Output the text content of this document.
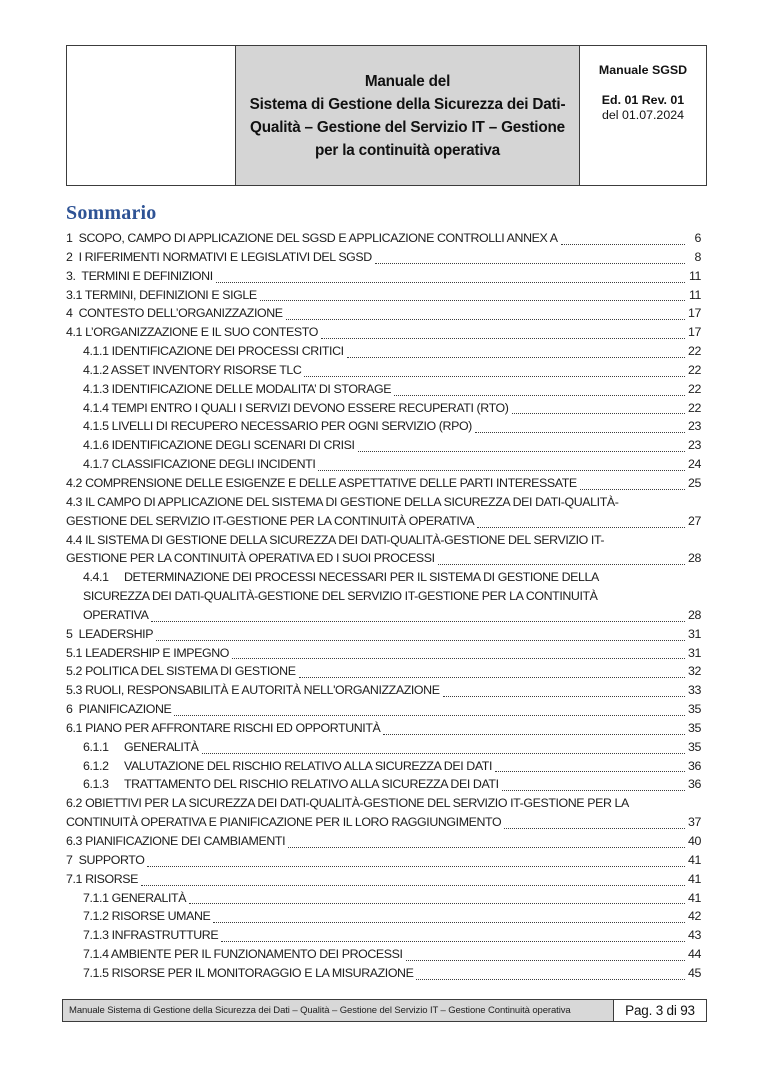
Manuale del
Sistema di Gestione della Sicurezza dei Dati-
Qualità – Gestione del Servizio IT – Gestione
per la continuità operativa
Manuale SGSD
Ed. 01 Rev. 01
del 01.07.2024
Sommario
1  SCOPO, CAMPO DI APPLICAZIONE DEL SGSD E APPLICAZIONE CONTROLLI ANNEX A	6
2  I RIFERIMENTI NORMATIVI E LEGISLATIVI DEL SGSD	8
3.  TERMINI E DEFINIZIONI	11
3.1 TERMINI, DEFINIZIONI E SIGLE	11
4  CONTESTO DELL’ORGANIZZAZIONE	17
4.1 L’ORGANIZZAZIONE E IL SUO CONTESTO	17
4.1.1 IDENTIFICAZIONE DEI PROCESSI CRITICI	22
4.1.2 ASSET INVENTORY RISORSE TLC	22
4.1.3 IDENTIFICAZIONE DELLE MODALITA’ DI STORAGE	22
4.1.4 TEMPI ENTRO I QUALI I SERVIZI DEVONO ESSERE RECUPERATI (RTO)	22
4.1.5 LIVELLI DI RECUPERO NECESSARIO PER OGNI SERVIZIO (RPO)	23
4.1.6 IDENTIFICAZIONE DEGLI SCENARI DI CRISI	23
4.1.7 CLASSIFICAZIONE DEGLI INCIDENTI	24
4.2 COMPRENSIONE DELLE ESIGENZE E DELLE ASPETTATIVE DELLE PARTI INTERESSATE	25
4.3 IL CAMPO DI APPLICAZIONE DEL SISTEMA DI GESTIONE DELLA SICUREZZA DEI DATI-QUALITÀ-
GESTIONE DEL SERVIZIO IT-GESTIONE PER LA CONTINUITÀ OPERATIVA	27
4.4 IL SISTEMA DI GESTIONE DELLA SICUREZZA DEI DATI-QUALITÀ-GESTIONE DEL SERVIZIO IT-
GESTIONE PER LA CONTINUITÀ OPERATIVA ED I SUOI PROCESSI	28
4.4.1	DETERMINAZIONE DEI PROCESSI NECESSARI PER IL SISTEMA DI GESTIONE DELLA
SICUREZZA DEI DATI-QUALITÀ-GESTIONE DEL SERVIZIO IT-GESTIONE PER LA CONTINUITÀ
OPERATIVA	28
5  LEADERSHIP	31
5.1 LEADERSHIP E IMPEGNO	31
5.2 POLITICA DEL SISTEMA DI GESTIONE	32
5.3 RUOLI, RESPONSABILITÀ E AUTORITÀ NELL'ORGANIZZAZIONE	33
6  PIANIFICAZIONE	35
6.1 PIANO PER AFFRONTARE RISCHI ED OPPORTUNITÀ	35
6.1.1	GENERALITÀ	35
6.1.2	VALUTAZIONE DEL RISCHIO RELATIVO ALLA SICUREZZA DEI DATI	36
6.1.3	TRATTAMENTO DEL RISCHIO RELATIVO ALLA SICUREZZA DEI DATI	36
6.2 OBIETTIVI PER LA SICUREZZA DEI DATI-QUALITÀ-GESTIONE DEL SERVIZIO IT-GESTIONE PER LA
CONTINUITÀ OPERATIVA E PIANIFICAZIONE PER IL LORO RAGGIUNGIMENTO	37
6.3 PIANIFICAZIONE DEI CAMBIAMENTI	40
7  SUPPORTO	41
7.1 RISORSE	41
7.1.1 GENERALITÀ	41
7.1.2 RISORSE UMANE	42
7.1.3 INFRASTRUTTURE	43
7.1.4 AMBIENTE PER IL FUNZIONAMENTO DEI PROCESSI	44
7.1.5 RISORSE PER IL MONITORAGGIO E LA MISURAZIONE	45
Manuale Sistema di Gestione della Sicurezza dei Dati – Qualità – Gestione del Servizio IT – Gestione Continuità operativa	Pag. 3 di 93
